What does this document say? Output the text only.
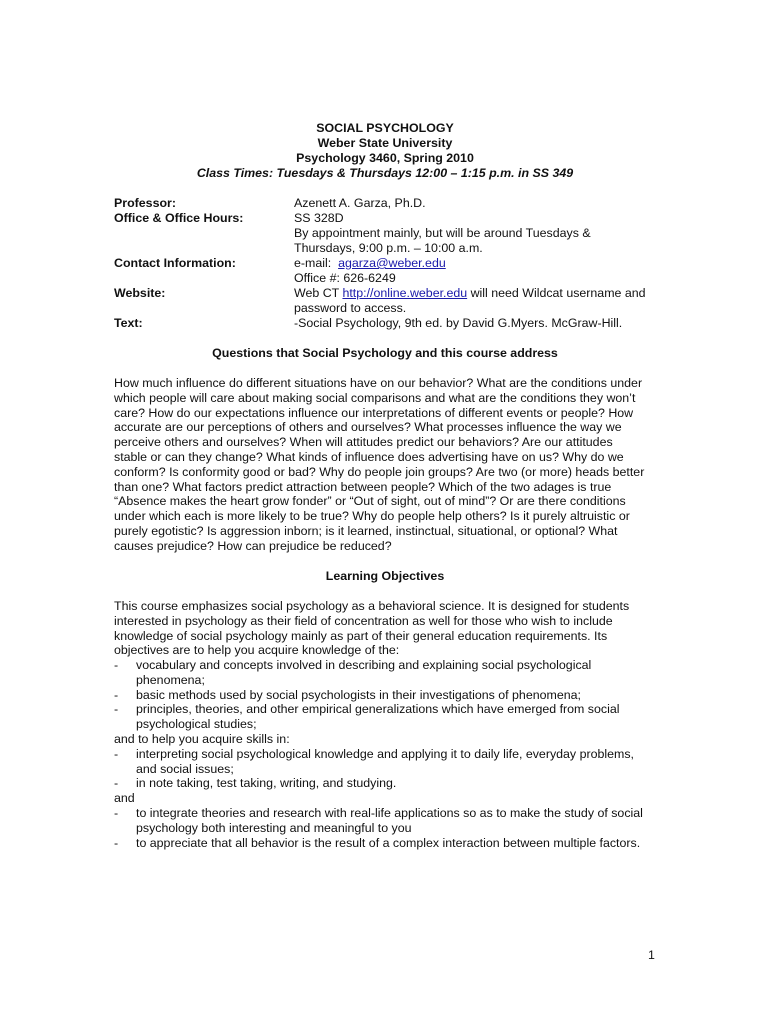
SOCIAL PSYCHOLOGY
Weber State University
Psychology 3460, Spring 2010
Class Times: Tuesdays & Thursdays 12:00 – 1:15 p.m. in SS 349
Professor:	Azenett A. Garza, Ph.D.
Office & Office Hours:	SS 328D
By appointment mainly, but will be around Tuesdays &
Thursdays, 9:00 p.m. – 10:00 a.m.
Contact Information:	e-mail: agarza@weber.edu
Office #: 626-6249
Website:	Web CT http://online.weber.edu will need Wildcat username and
password to access.
Text:	-Social Psychology, 9th ed. by David G.Myers. McGraw-Hill.
Questions that Social Psychology and this course address
How much influence do different situations have on our behavior? What are the conditions under
which people will care about making social comparisons and what are the conditions they won’t
care? How do our expectations influence our interpretations of different events or people? How
accurate are our perceptions of others and ourselves? What processes influence the way we
perceive others and ourselves? When will attitudes predict our behaviors? Are our attitudes
stable or can they change? What kinds of influence does advertising have on us? Why do we
conform? Is conformity good or bad? Why do people join groups? Are two (or more) heads better
than one? What factors predict attraction between people? Which of the two adages is true
“Absence makes the heart grow fonder” or “Out of sight, out of mind”? Or are there conditions
under which each is more likely to be true? Why do people help others? Is it purely altruistic or
purely egotistic? Is aggression inborn; is it learned, instinctual, situational, or optional? What
causes prejudice? How can prejudice be reduced?
Learning Objectives
This course emphasizes social psychology as a behavioral science. It is designed for students
interested in psychology as their field of concentration as well for those who wish to include
knowledge of social psychology mainly as part of their general education requirements. Its
objectives are to help you acquire knowledge of the:
-	vocabulary and concepts involved in describing and explaining social psychological
phenomena;
-	basic methods used by social psychologists in their investigations of phenomena;
-	principles, theories, and other empirical generalizations which have emerged from social
psychological studies;
and to help you acquire skills in:
-	interpreting social psychological knowledge and applying it to daily life, everyday problems,
and social issues;
-	in note taking, test taking, writing, and studying.
and
-	to integrate theories and research with real-life applications so as to make the study of social
psychology both interesting and meaningful to you
-	to appreciate that all behavior is the result of a complex interaction between multiple factors.
1
